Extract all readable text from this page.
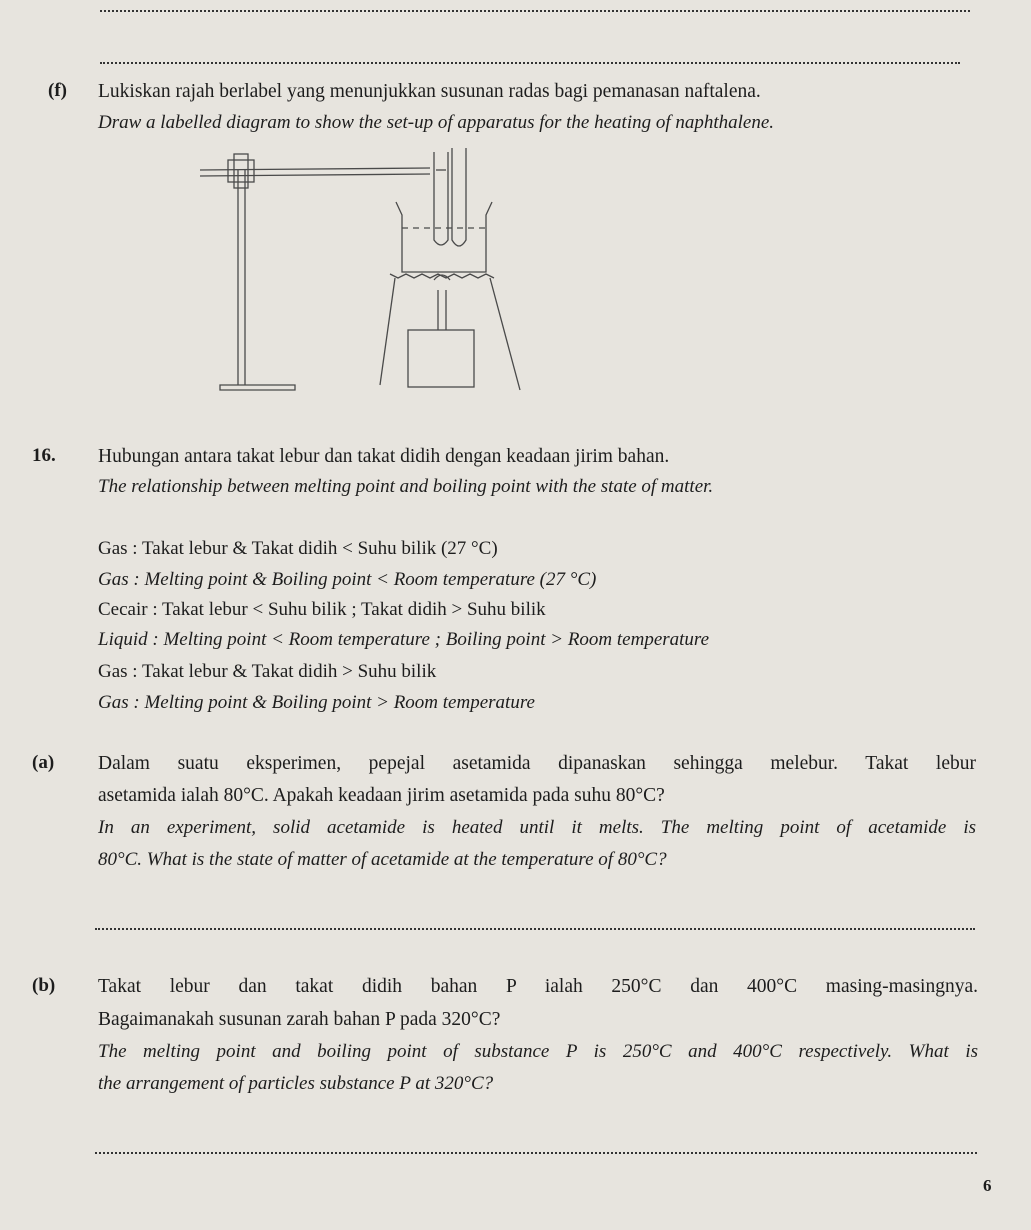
(f) Lukiskan rajah berlabel yang menunjukkan susunan radas bagi pemanasan naftalena.
Draw a labelled diagram to show the set-up of apparatus for the heating of naphthalene.
16. Hubungan antara takat lebur dan takat didih dengan keadaan jirim bahan.
The relationship between melting point and boiling point with the state of matter.
Gas : Takat lebur & Takat didih < Suhu bilik (27 °C)
Gas : Melting point & Boiling point < Room temperature (27 °C)
Cecair : Takat lebur < Suhu bilik ; Takat didih > Suhu bilik
Liquid : Melting point < Room temperature ; Boiling point > Room temperature
Gas : Takat lebur & Takat didih > Suhu bilik
Gas : Melting point & Boiling point > Room temperature
(a) Dalam suatu eksperimen, pepejal asetamida dipanaskan sehingga melebur. Takat lebur
asetamida ialah 80°C. Apakah keadaan jirim asetamida pada suhu 80°C?
In an experiment, solid acetamide is heated until it melts. The melting point of acetamide is
80°C. What is the state of matter of acetamide at the temperature of 80°C?
(b) Takat lebur dan takat didih bahan P ialah 250°C dan 400°C masing-masingnya.
Bagaimanakah susunan zarah bahan P pada 320°C?
The melting point and boiling point of substance P is 250°C and 400°C respectively. What is
the arrangement of particles substance P at 320°C?
6
